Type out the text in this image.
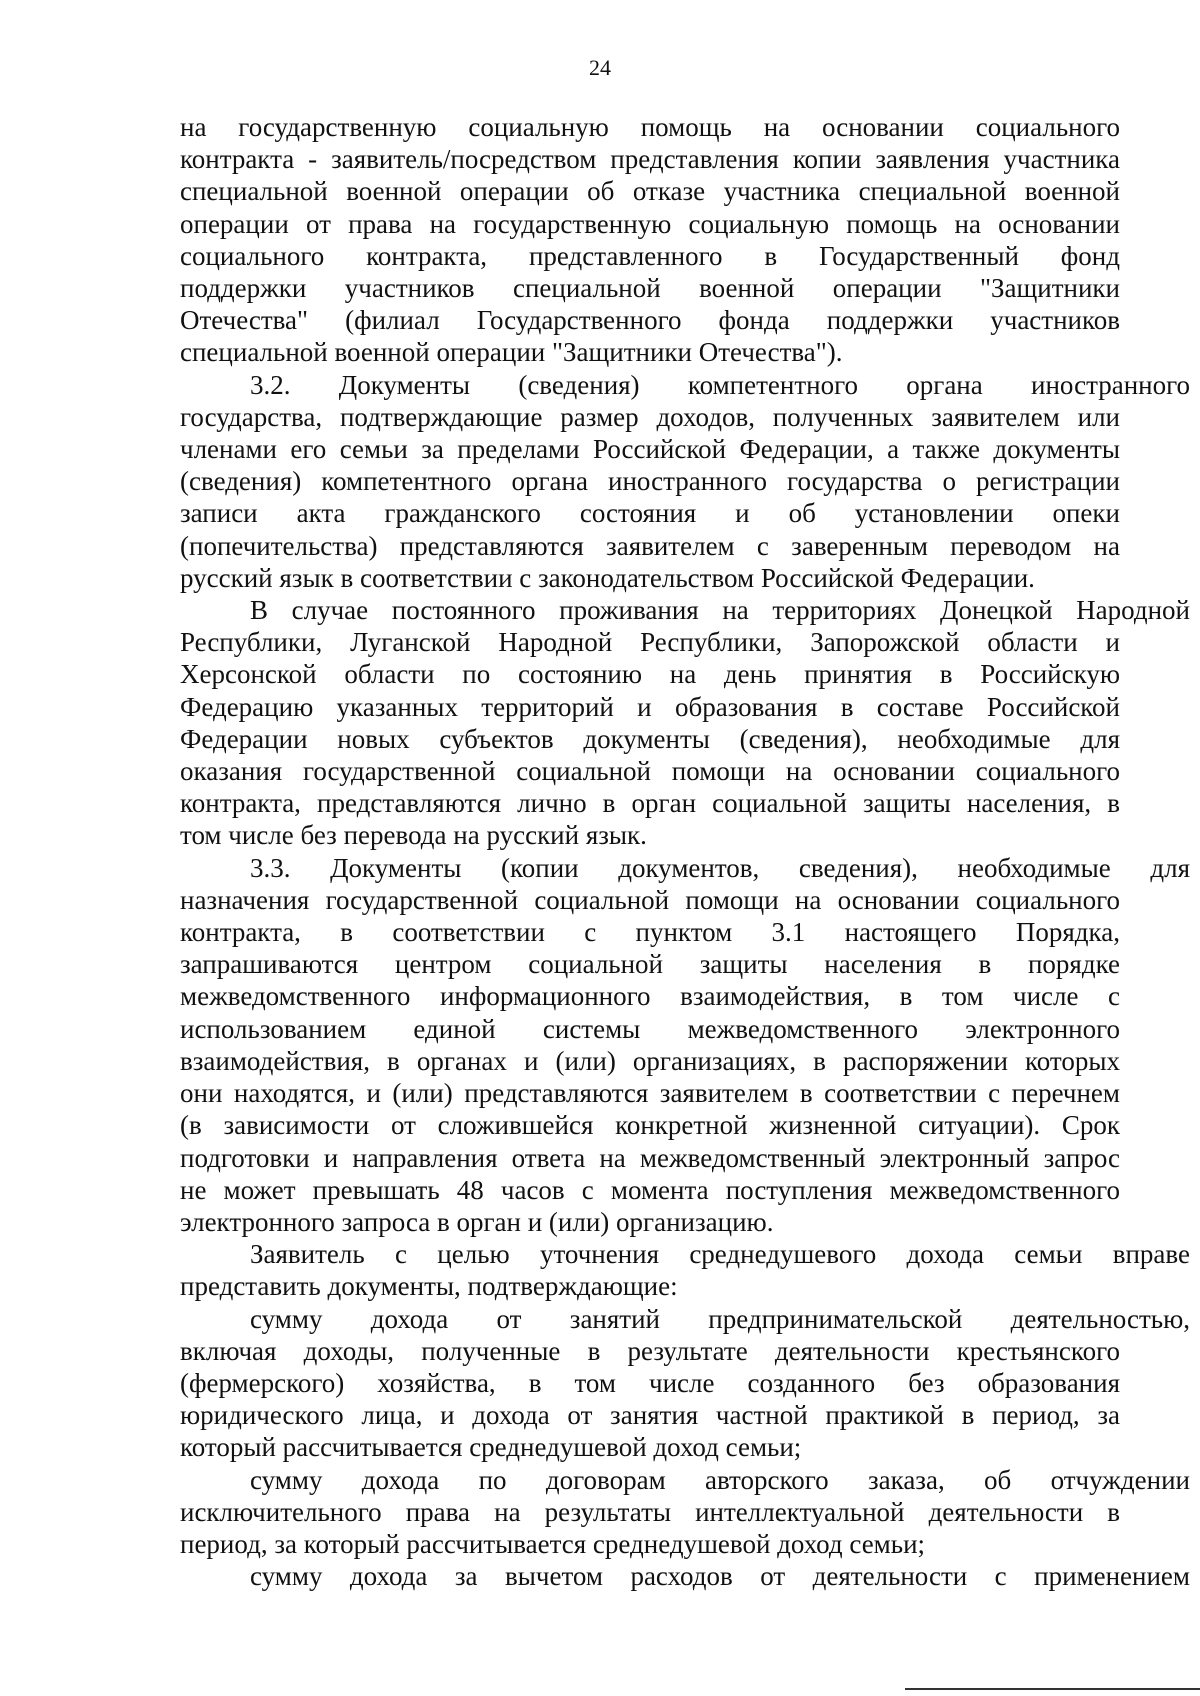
24
на государственную социальную помощь на основании социального
контракта - заявитель/посредством представления копии заявления участника
специальной военной операции об отказе участника специальной военной
операции от права на государственную социальную помощь на основании
социального контракта, представленного в Государственный фонд
поддержки участников специальной военной операции "Защитники
Отечества" (филиал Государственного фонда поддержки участников
специальной военной операции "Защитники Отечества").
3.2. Документы (сведения) компетентного органа иностранного
государства, подтверждающие размер доходов, полученных заявителем или
членами его семьи за пределами Российской Федерации, а также документы
(сведения) компетентного органа иностранного государства о регистрации
записи акта гражданского состояния и об установлении опеки
(попечительства) представляются заявителем с заверенным переводом на
русский язык в соответствии с законодательством Российской Федерации.
В случае постоянного проживания на территориях Донецкой Народной
Республики, Луганской Народной Республики, Запорожской области и
Херсонской области по состоянию на день принятия в Российскую
Федерацию указанных территорий и образования в составе Российской
Федерации новых субъектов документы (сведения), необходимые для
оказания государственной социальной помощи на основании социального
контракта, представляются лично в орган социальной защиты населения, в
том числе без перевода на русский язык.
3.3. Документы (копии документов, сведения), необходимые для
назначения государственной социальной помощи на основании социального
контракта, в соответствии с пунктом 3.1 настоящего Порядка,
запрашиваются центром социальной защиты населения в порядке
межведомственного информационного взаимодействия, в том числе с
использованием единой системы межведомственного электронного
взаимодействия, в органах и (или) организациях, в распоряжении которых
они находятся, и (или) представляются заявителем в соответствии с перечнем
(в зависимости от сложившейся конкретной жизненной ситуации). Срок
подготовки и направления ответа на межведомственный электронный запрос
не может превышать 48 часов с момента поступления межведомственного
электронного запроса в орган и (или) организацию.
Заявитель с целью уточнения среднедушевого дохода семьи вправе
представить документы, подтверждающие:
сумму дохода от занятий предпринимательской деятельностью,
включая доходы, полученные в результате деятельности крестьянского
(фермерского) хозяйства, в том числе созданного без образования
юридического лица, и дохода от занятия частной практикой в период, за
который рассчитывается среднедушевой доход семьи;
сумму дохода по договорам авторского заказа, об отчуждении
исключительного права на результаты интеллектуальной деятельности в
период, за который рассчитывается среднедушевой доход семьи;
сумму дохода за вычетом расходов от деятельности с применением
